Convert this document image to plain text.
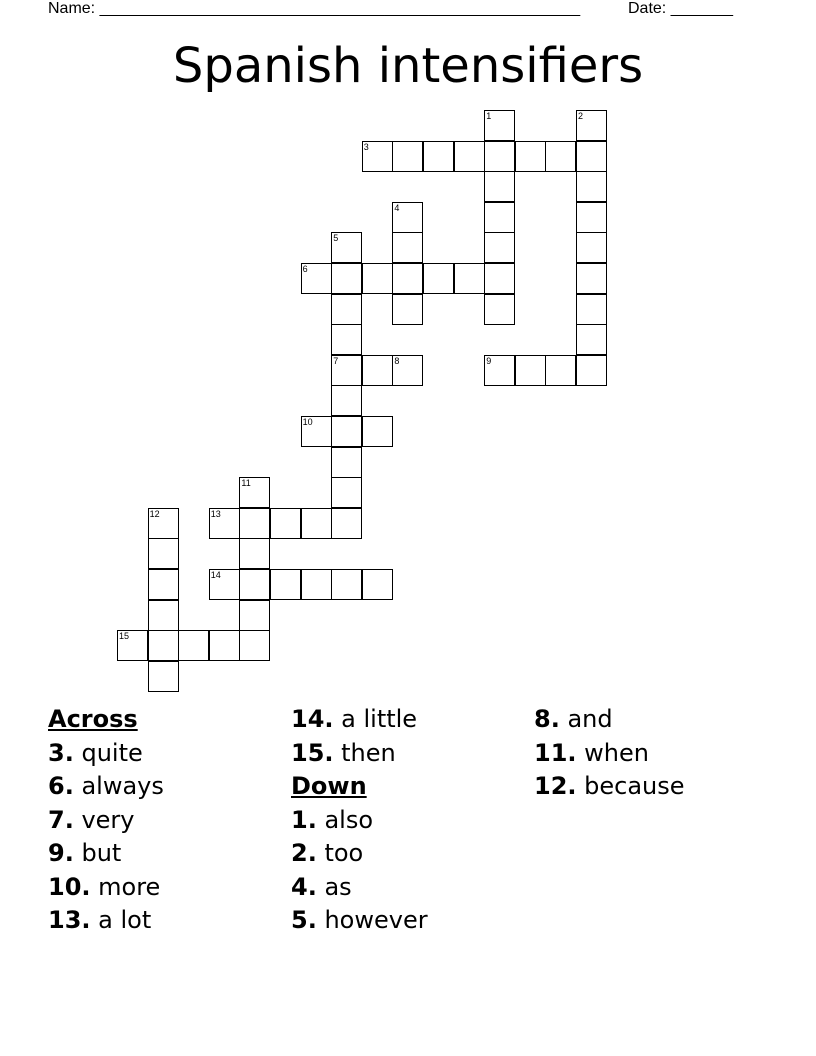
Name: ______________________________________________________	Date: _______
Spanish intensifiers
1	2
3
4
5
6
7	8	9
10
11
12	13
14
15
Across
3. quite
6. always
7. very
9. but
10. more
13. a lot
14. a little
15. then
Down
1. also
2. too
4. as
5. however
8. and
11. when
12. because
